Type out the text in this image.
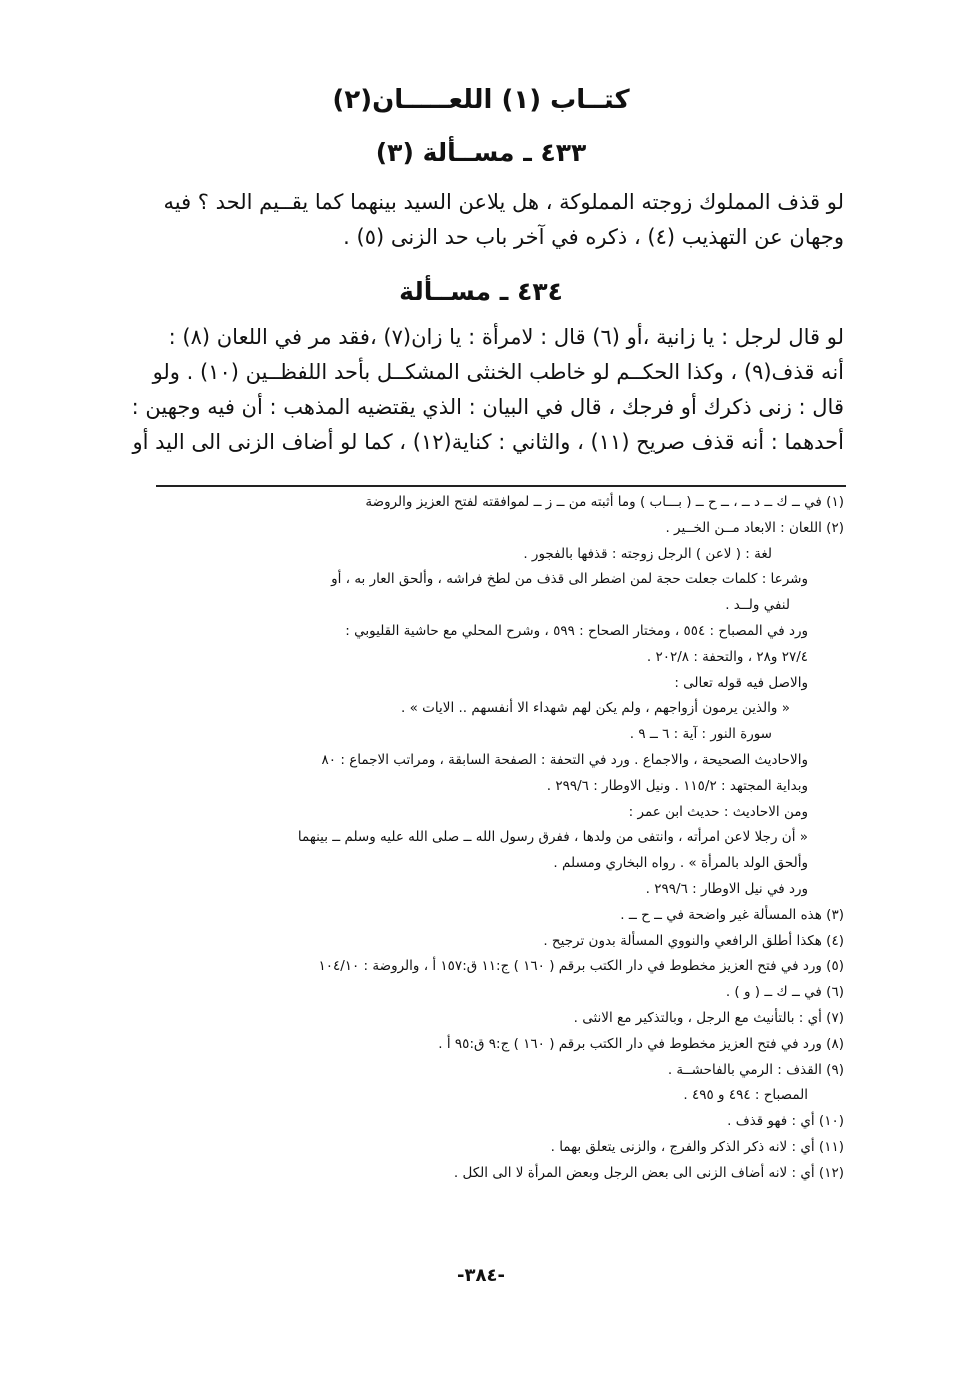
كتــاب (١) اللعـــــان(٢)
٤٣٣ ـ مســألة (٣)
لو قذف المملوك زوجته المملوكة ، هل يلاعن السيد بينهما كما يقــيم الحد ؟ فيه
وجهان عن التهذيب (٤) ، ذكره في آخر باب حد الزنى (٥) .
٤٣٤ ـ مســألة
لو قال لرجل : يا زانية ،أو (٦) قال : لامرأة : يا زان(٧) ،فقد مر في اللعان (٨) :
أنه قذف(٩) ، وكذا الحكــم لو خاطب الخنثى المشكــل بأحد اللفظــين (١٠) . ولو
قال : زنى ذكرك أو فرجك ، قال في البيان : الذي يقتضيه المذهب : أن فيه وجهين :
أحدهما : أنه قذف صريح (١١) ، والثاني : كناية(١٢) ، كما لو أضاف الزنى الى اليد أو
(١) في ــ ك ــ د ــ ، ــ ح ــ ( بـــاب ) وما أثبته من ــ ز ــ لموافقته لفتح العزيز والروضة
(٢) اللعان : الابعاد مــن الخــير .
لغة : ( لاعن ) الرجل زوجته : قذفها بالفجور .
وشرعا : كلمات جعلت حجة لمن اضطر الى قذف من لطخ فراشه ، وألحق العار به ، أو
لنفي ولــد .
ورد في المصباح : ٥٥٤ ، ومختار الصحاح : ٥٩٩ ، وشرح المحلي مع حاشية القليوبي :
٢٧/٤ و٢٨ ، والتحفة : ٢٠٢/٨ .
والاصل فيه قوله تعالى :
« والذين يرمون أزواجهم ، ولم يكن لهم شهداء الا أنفسهم .. الايات » .
سورة النور : آية : ٦ ــ ٩ .
والاحاديث الصحيحة ، والاجماع . ورد في التحفة : الصفحة السابقة ، ومراتب الاجماع : ٨٠
وبداية المجتهد : ١١٥/٢ . ونيل الاوطار : ٢٩٩/٦ .
ومن الاحاديث : حديث ابن عمر :
« أن رجلا لاعن امرأته ، وانتفى من ولدها ، ففرق رسول الله ــ صلى الله عليه وسلم ــ بينهما
وألحق الولد بالمرأة » . رواه البخاري ومسلم .
ورد في نيل الاوطار : ٢٩٩/٦ .
(٣) هذه المسألة غير واضحة في ــ ح ــ .
(٤) هكذا أطلق الرافعي والنووي المسألة بدون ترجيح .
(٥) ورد في فتح العزيز مخطوط في دار الكتب برقم ( ١٦٠ ) ج:١١ ق:١٥٧ أ ، والروضة : ١٠٤/١٠
(٦) في ــ ك ــ ( و ) .
(٧) أي : بالتأنيث مع الرجل ، وبالتذكير مع الانثى .
(٨) ورد في فتح العزيز مخطوط في دار الكتب برقم ( ١٦٠ ) ج:٩ ق:٩٥ أ .
(٩) القذف : الرمي بالفاحشــة .
المصباح : ٤٩٤ و ٤٩٥ .
(١٠) أي : فهو قذف .
(١١) أي : لانه ذكر الذكر والفرج ، والزنى يتعلق بهما .
(١٢) أي : لانه أضاف الزنى الى بعض الرجل وبعض المرأة لا الى الكل .
-٣٨٤-
